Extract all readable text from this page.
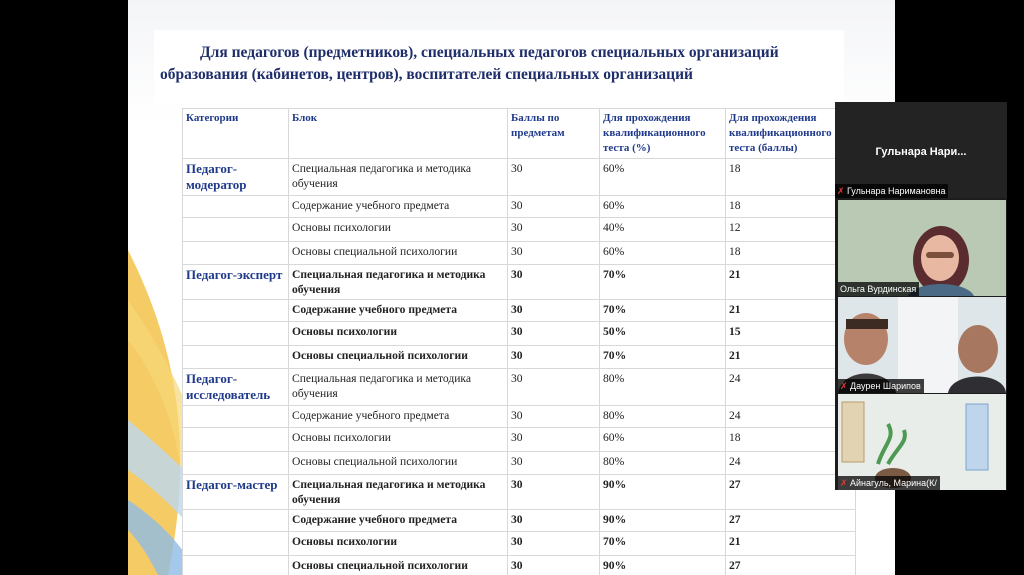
Для педагогов (предметников), специальных педагогов специальных организаций образования (кабинетов, центров), воспитателей специальных организаций

Категории	Блок	Баллы по предметам	Для прохождения квалификационного теста (%)	Для прохождения квалификационного теста (баллы)
Педагог-модератор	Специальная педагогика и методика обучения	30	60%	18
	Содержание учебного предмета	30	60%	18
	Основы психологии	30	40%	12
	Основы специальной психологии	30	60%	18
Педагог-эксперт	Специальная педагогика и методика обучения	30	70%	21
	Содержание учебного предмета	30	70%	21
	Основы психологии	30	50%	15
	Основы специальной психологии	30	70%	21
Педагог-исследователь	Специальная педагогика и методика обучения	30	80%	24
	Содержание учебного предмета	30	80%	24
	Основы психологии	30	60%	18
	Основы специальной психологии	30	80%	24
Педагог-мастер	Специальная педагогика и методика обучения	30	90%	27
	Содержание учебного предмета	30	90%	27
	Основы психологии	30	70%	21
	Основы специальной психологии	30	90%	27
Гульнара Нари...
✗ Гульнара Наримановна
Ольга Вурдинская
✗ Даурен Шарипов
✗ Айнагуль, Марина(К/
